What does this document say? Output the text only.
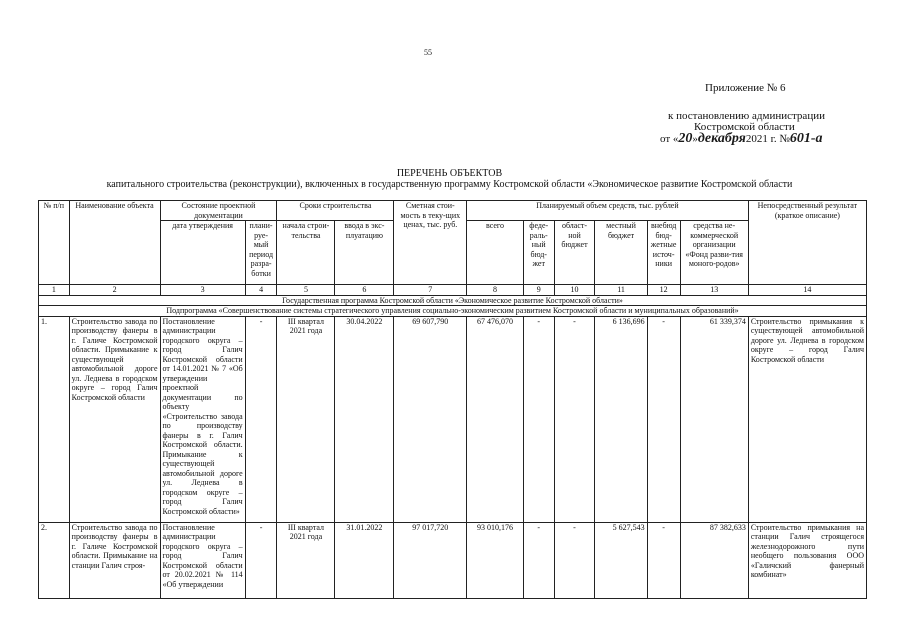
55
Приложение № 6
к постановлению администрации
Костромской области
от «20»декабря2021 г. №601-а
ПЕРЕЧЕНЬ ОБЪЕКТОВ
капитального строительства (реконструкции), включенных в государственную программу Костромской области «Экономическое развитие Костромской области
№ п/п	Наименование объекта	Состояние проектной документации		Сроки строительства		Сметная стои-мость в теку-щих ценах, тыс. руб.	Планируемый объем средств, тыс. рублей						Непосредственный результат (краткое описание)
		дата утверждения	плани-руе-мый период разра-ботки	начала строи-тельства	ввода в экс-плуатацию		всего	феде-раль-ный бюд-жет	област-ной бюджет	местный бюджет	внебюд бюд-жетные источ-ники	средства не-коммерческой организации «Фонд разви-тия моного-родов»	
1	2	3	4	5	6	7	8	9	10	11	12	13	14
Государственная программа Костромской области «Экономическое развитие Костромской области»													
Подпрограмма «Совершенствование системы стратегического управления социально-экономическим развитием Костромской области и муниципальных образований»													
1.	Строительство завода по производству фанеры в г. Галиче Костромской области. Примыкание к существующей автомобильной дороге ул. Леднева в городском округе – город Галич Костромской области	Постановление администрации городского округа – город Галич Костромской области от 14.01.2021 № 7 «Об утверждении проектной документации по объекту «Строительство завода по производству фанеры в г. Галич Костромской области. Примыкание к существующей автомобильной дороге ул. Леднева в городском округе – город Галич Костромской области»	-	III квартал 2021 года	30.04.2022	69 607,790	67 476,070	-	-	6 136,696	-	61 339,374	Строительство примыкания к существующей автомобильной дороге ул. Леднева в городском округе – город Галич Костромской области
2.	Строительство завода по производству фанеры в г. Галиче Костромской области. Примыкание на станции Галич строя-	Постановление администрации городского округа – город Галич Костромской области от 20.02.2021 № 114 «Об утверждении	-	III квартал 2021 года	31.01.2022	97 017,720	93 010,176	-	-	5 627,543	-	87 382,633	Строительство примыкания на станции Галич строящегося железнодорожного пути необщего пользования ООО «Галичский фанерный комбинат»
